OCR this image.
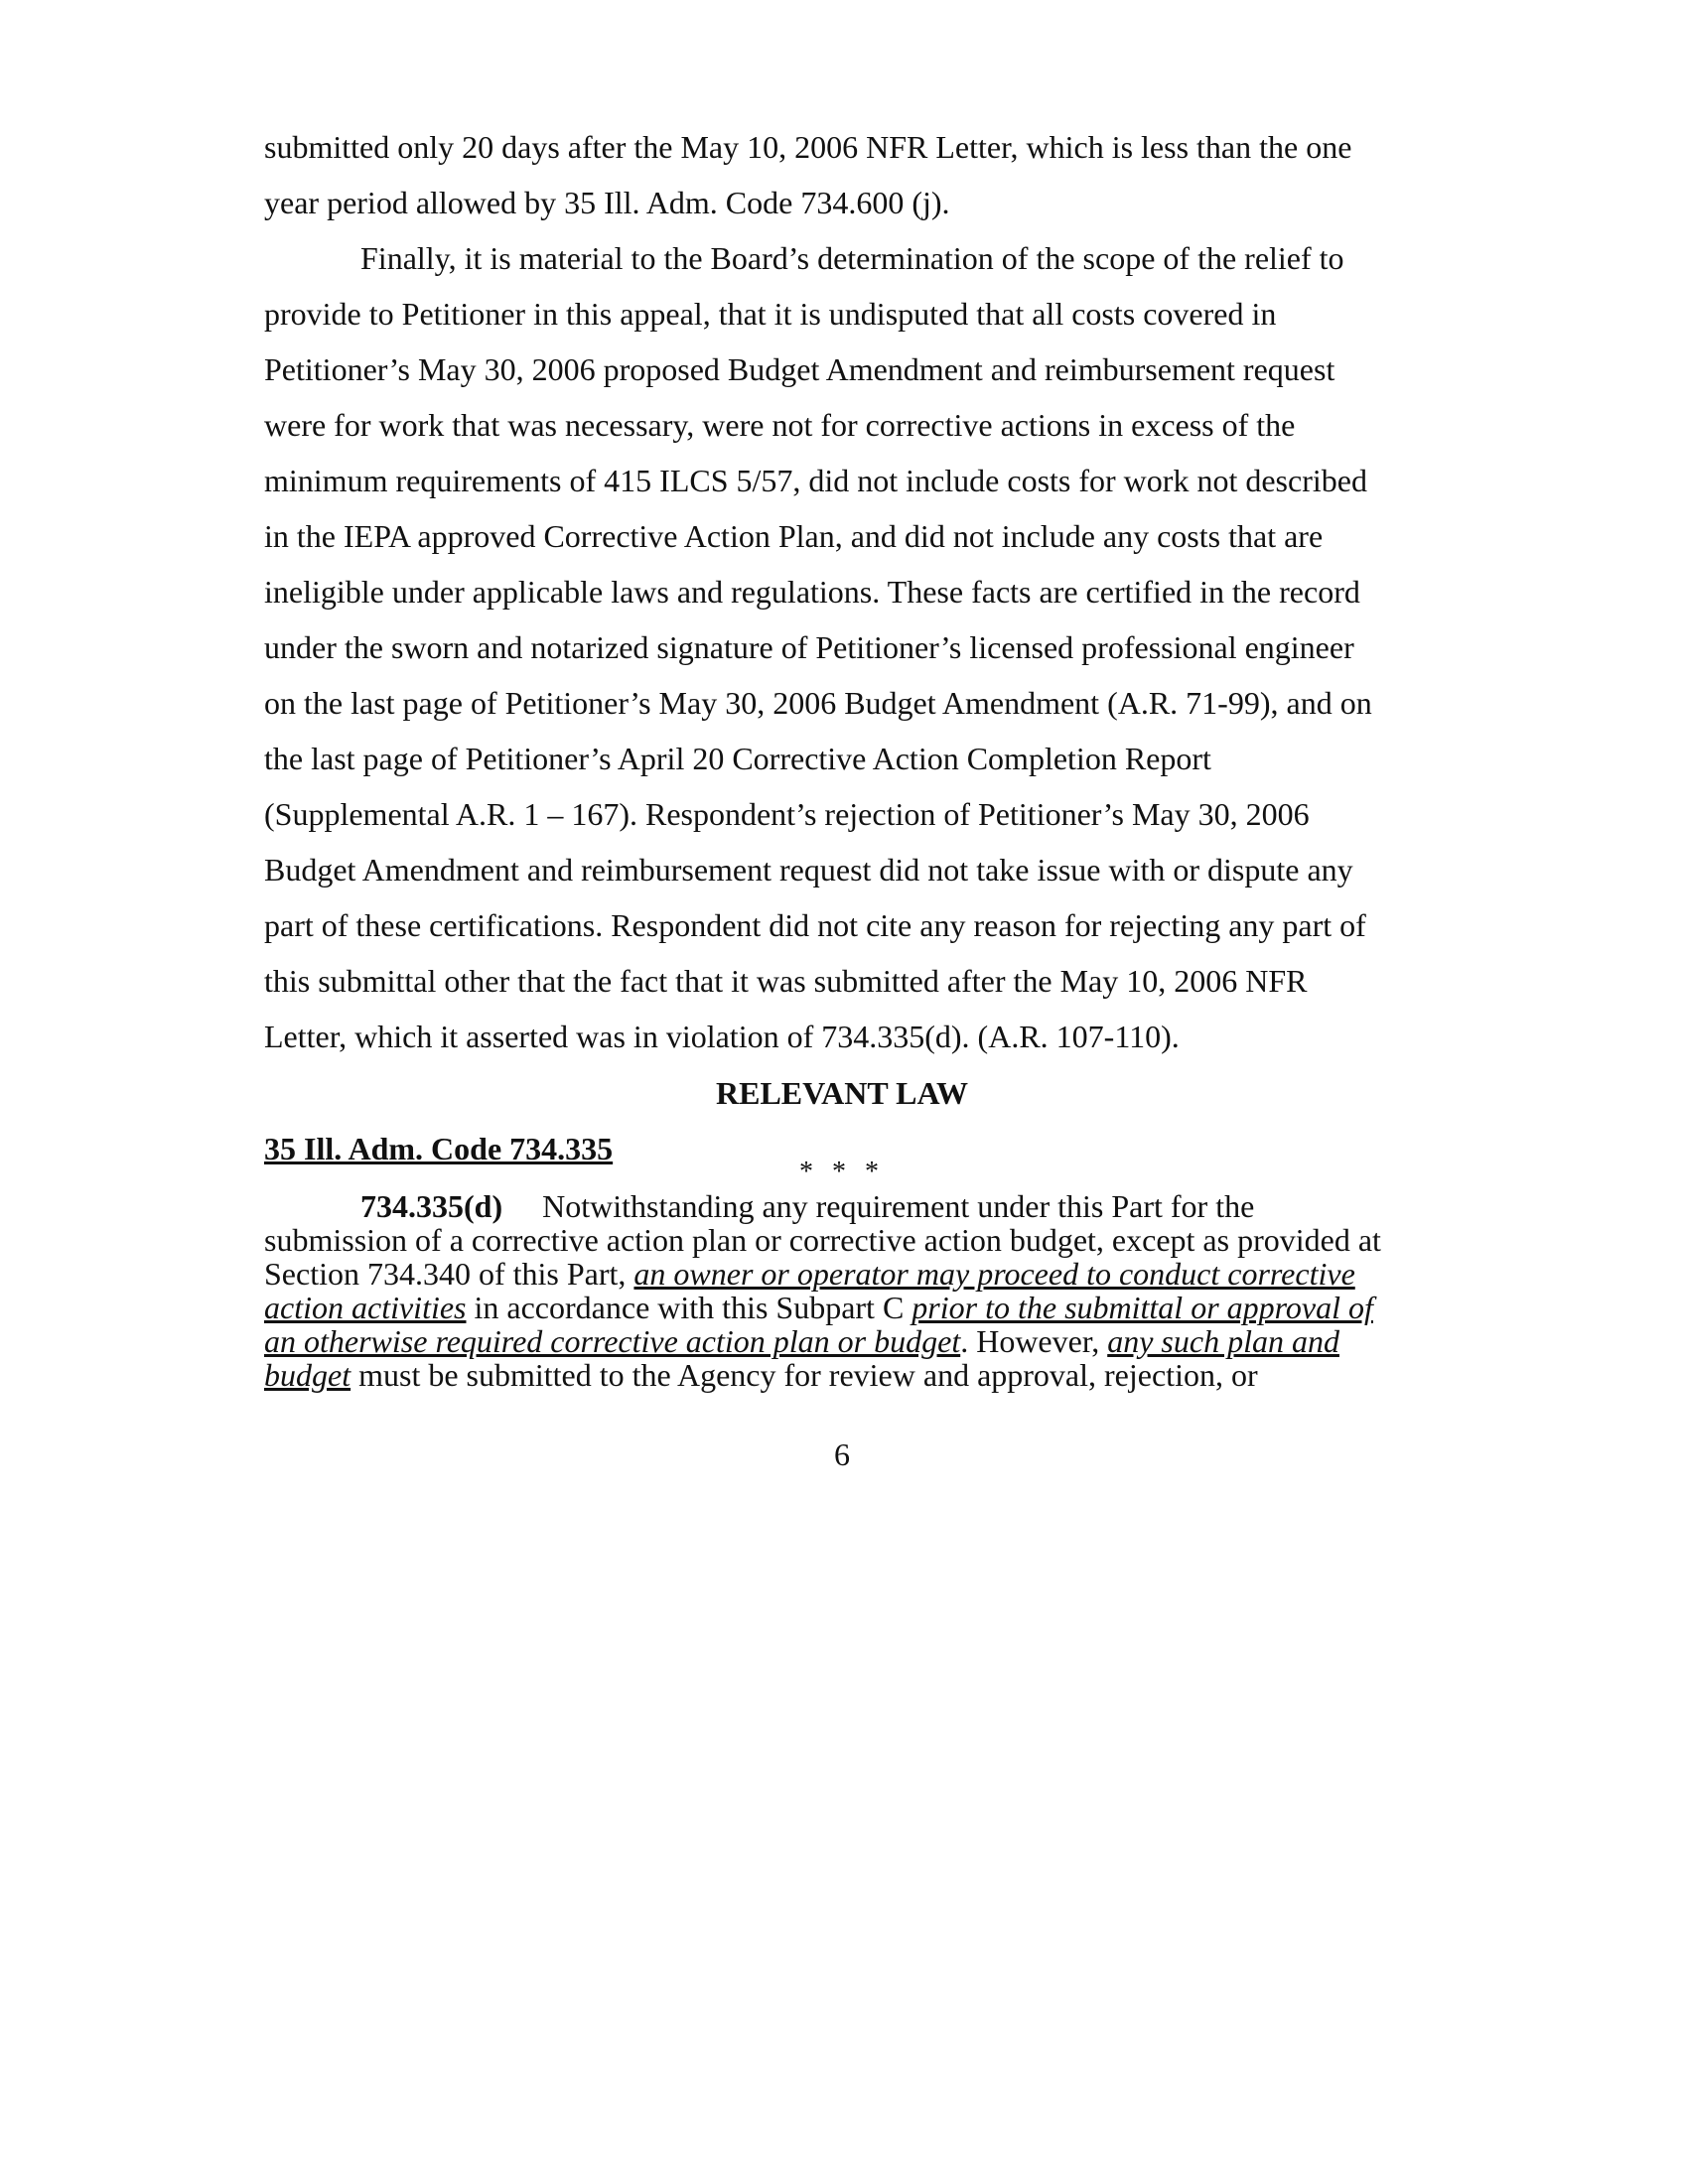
submitted only 20 days after the May 10, 2006 NFR Letter, which is less than the one

year period allowed by 35 Ill. Adm. Code 734.600 (j).

Finally, it is material to the Board’s determination of the scope of the relief to

provide to Petitioner in this appeal, that it is undisputed that all costs covered in

Petitioner’s May 30, 2006 proposed Budget Amendment and reimbursement request

were for work that was necessary, were not for corrective actions in excess of the

minimum requirements of 415 ILCS 5/57, did not include costs for work not described

in the IEPA approved Corrective Action Plan, and did not include any costs that are

ineligible under applicable laws and regulations. These facts are certified in the record

under the sworn and notarized signature of Petitioner’s licensed professional engineer

on the last page of Petitioner’s May 30, 2006 Budget Amendment (A.R. 71-99), and on

the last page of Petitioner’s April 20 Corrective Action Completion Report

(Supplemental A.R. 1 – 167). Respondent’s rejection of Petitioner’s May 30, 2006

Budget Amendment and reimbursement request did not take issue with or dispute any

part of these certifications. Respondent did not cite any reason for rejecting any part of

this submittal other that the fact that it was submitted after the May 10, 2006 NFR

Letter, which it asserted was in violation of 734.335(d). (A.R. 107-110).

RELEVANT LAW

35 Ill. Adm. Code 734.335

* * *

734.335(d) Notwithstanding any requirement under this Part for the

submission of a corrective action plan or corrective action budget, except as provided at

Section 734.340 of this Part, an owner or operator may proceed to conduct corrective

action activities in accordance with this Subpart C prior to the submittal or approval of

an otherwise required corrective action plan or budget. However, any such plan and

budget must be submitted to the Agency for review and approval, rejection, or

6
